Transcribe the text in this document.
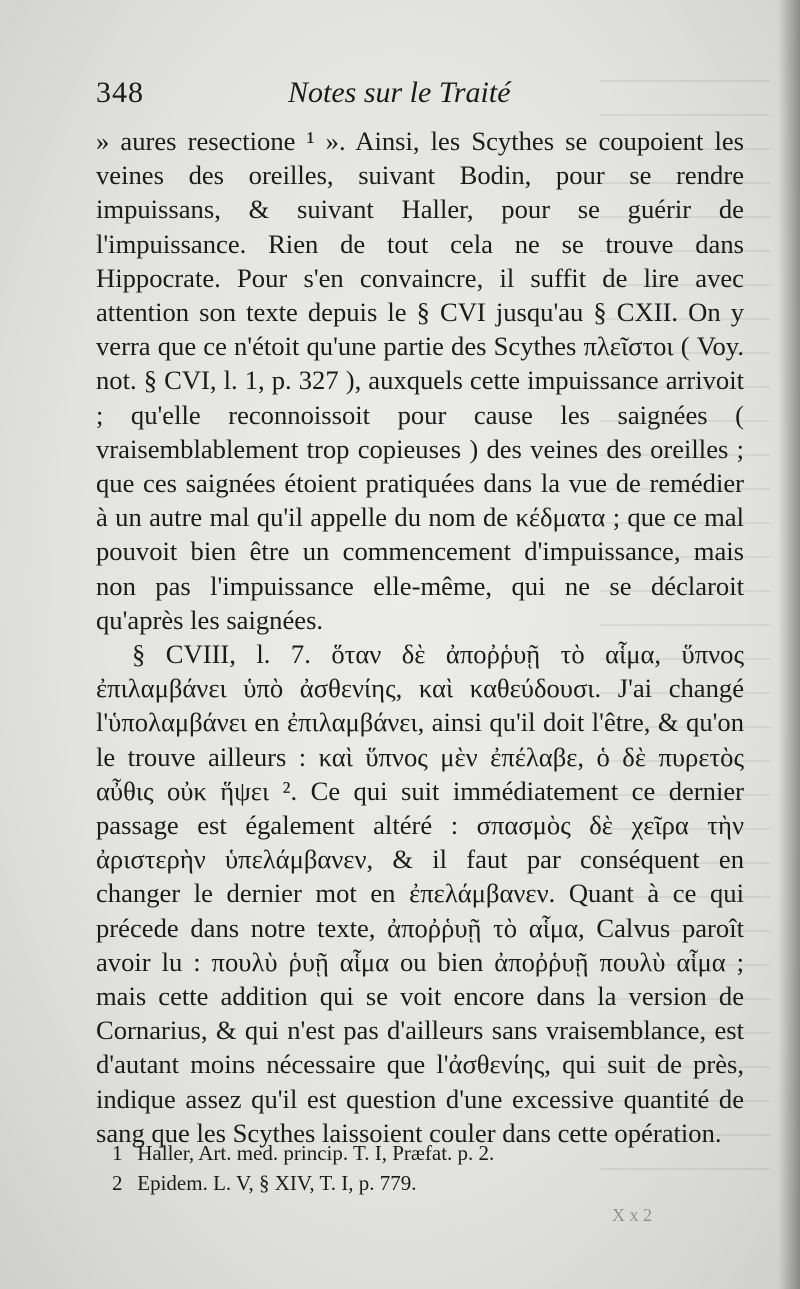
348	Notes sur le Traité

» aures resectione ¹ ». Ainsi, les Scythes se coupoient les veines des oreilles, suivant Bodin, pour se rendre impuissans, & suivant Haller, pour se guérir de l'impuissance. Rien de tout cela ne se trouve dans Hippocrate. Pour s'en convaincre, il suffit de lire avec attention son texte depuis le § CVI jusqu'au § CXII. On y verra que ce n'étoit qu'une partie des Scythes πλεῖστοι ( Voy. not. § CVI, l. 1, p. 327 ), auxquels cette impuissance arrivoit ; qu'elle reconnoissoit pour cause les saignées ( vraisemblablement trop copieuses ) des veines des oreilles ; que ces saignées étoient pratiquées dans la vue de remédier à un autre mal qu'il appelle du nom de κέδματα ; que ce mal pouvoit bien être un commencement d'impuissance, mais non pas l'impuissance elle-même, qui ne se déclaroit qu'après les saignées.

§ CVIII, l. 7. ὅταν δὲ ἀποῤῥυῇ τὸ αἷμα, ὕπνος ἐπιλαμβάνει ὑπὸ ἀσθενίης, καὶ καθεύδουσι. J'ai changé l'ὑπολαμβάνει en ἐπιλαμβάνει, ainsi qu'il doit l'être, & qu'on le trouve ailleurs : καὶ ὕπνος μὲν ἐπέλαβε, ὁ δὲ πυρετὸς αὖθις οὐκ ἥψει ². Ce qui suit immédiatement ce dernier passage est également altéré : σπασμὸς δὲ χεῖρα τὴν ἀριστερὴν ὑπελάμβανεν, & il faut par conséquent en changer le dernier mot en ἐπελάμβανεν. Quant à ce qui précede dans notre texte, ἀποῤῥυῇ τὸ αἷμα, Calvus paroît avoir lu : πουλὺ ῥυῇ αἷμα ou bien ἀποῤῥυῇ πουλὺ αἷμα ; mais cette addition qui se voit encore dans la version de Cornarius, & qui n'est pas d'ailleurs sans vraisemblance, est d'autant moins nécessaire que l'ἀσθενίης, qui suit de près, indique assez qu'il est question d'une excessive quantité de sang que les Scythes laissoient couler dans cette opération.

1 Haller, Art. med. princip. T. I, Præfat. p. 2.
2 Epidem. L. V, § XIV, T. I, p. 779.
X x 2
